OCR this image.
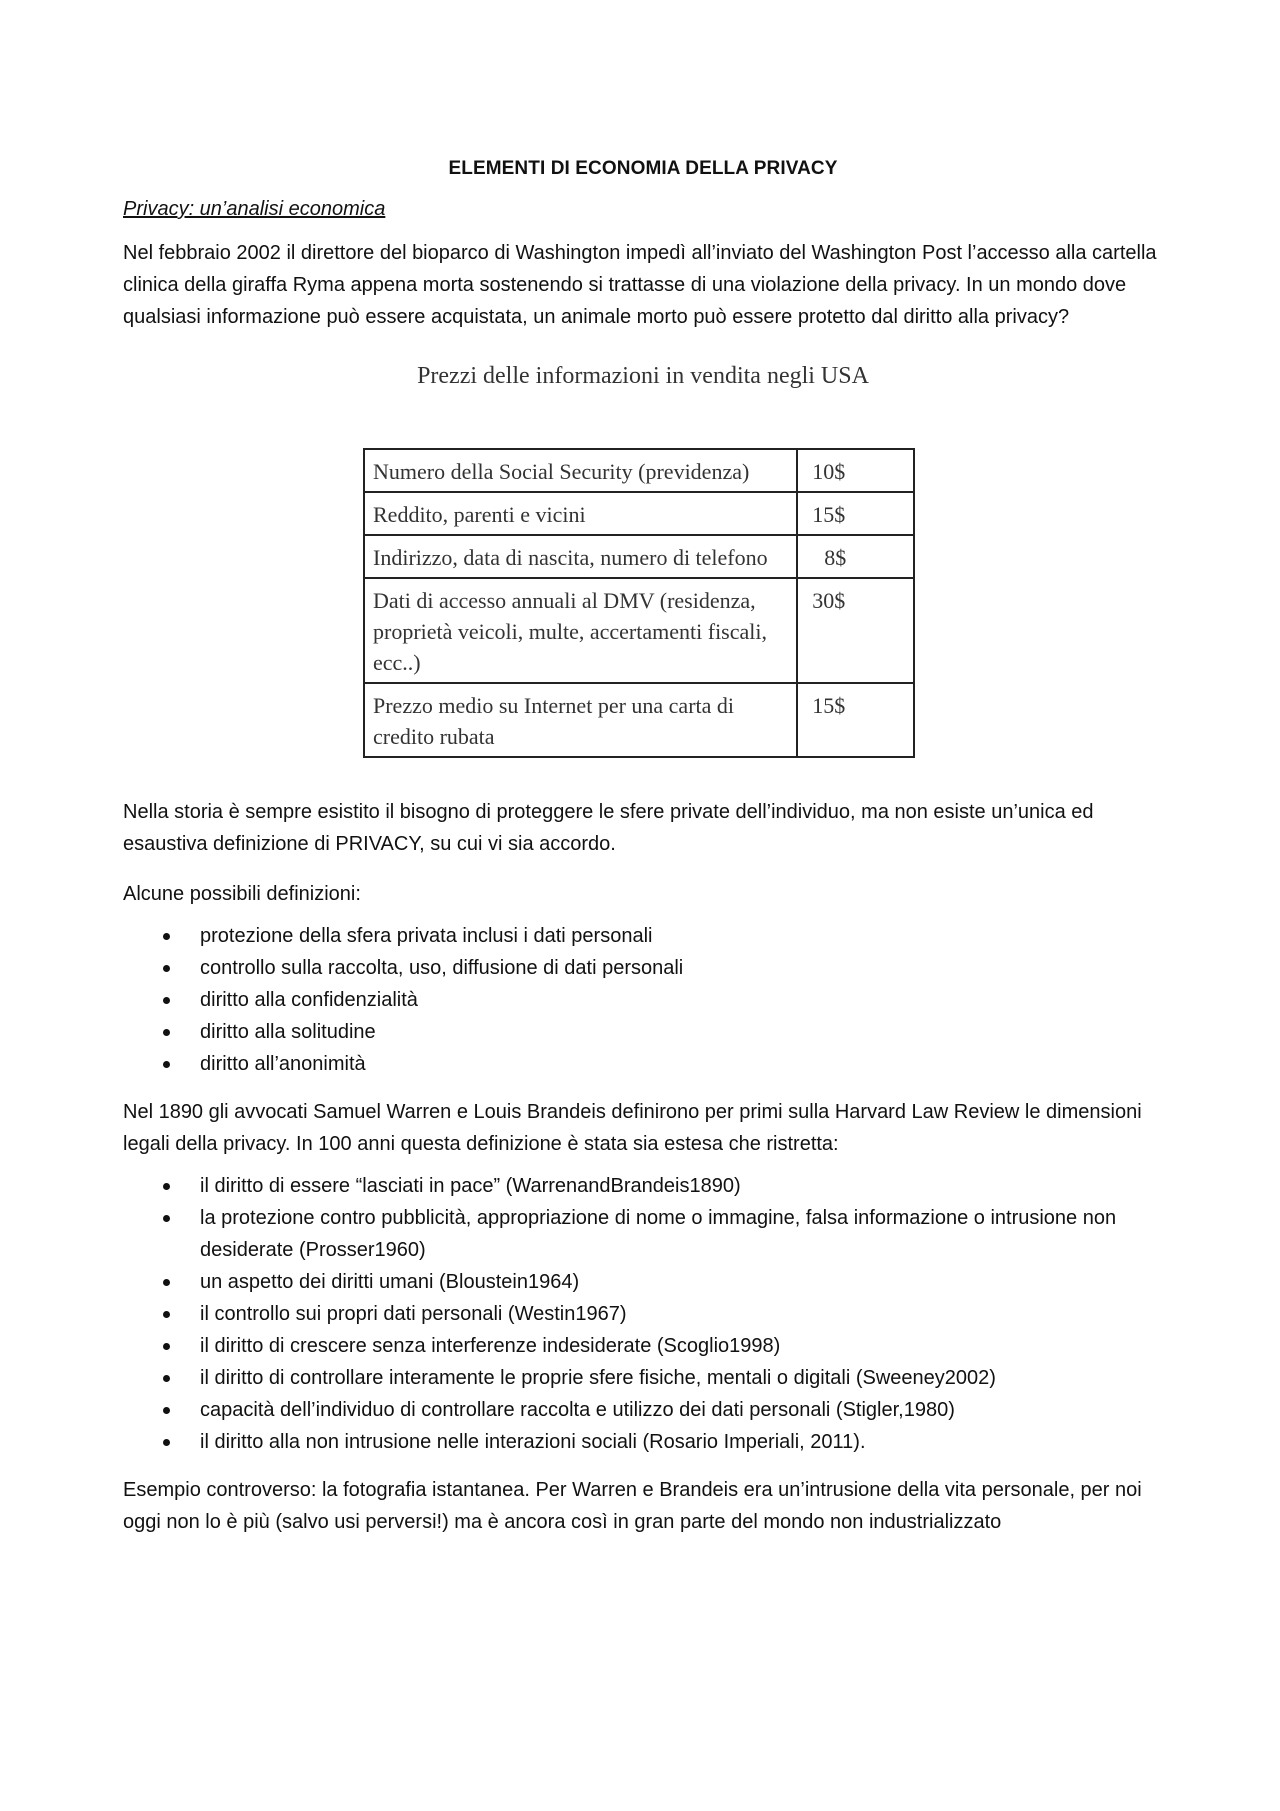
ELEMENTI DI ECONOMIA DELLA PRIVACY
Privacy: un’analisi economica

Nel febbraio 2002 il direttore del bioparco di Washington impedì all’inviato del Washington Post l’accesso alla cartella clinica della giraffa Ryma appena morta sostenendo si trattasse di una violazione della privacy. In un mondo dove qualsiasi informazione può essere acquistata, un animale morto può essere protetto dal diritto alla privacy?

Prezzi delle informazioni in vendita negli USA
Numero della Social Security (previdenza)	10$
Reddito, parenti e vicini	15$
Indirizzo, data di nascita, numero di telefono	8$
Dati di accesso annuali al DMV (residenza, proprietà veicoli, multe, accertamenti fiscali, ecc..)	30$
Prezzo medio su Internet per una carta di credito rubata	15$

Nella storia è sempre esistito il bisogno di proteggere le sfere private dell’individuo, ma non esiste un’unica ed esaustiva definizione di PRIVACY, su cui vi sia accordo.

Alcune possibili definizioni:

protezione della sfera privata inclusi i dati personali
controllo sulla raccolta, uso, diffusione di dati personali
diritto alla confidenzialità
diritto alla solitudine
diritto all’anonimità

Nel 1890 gli avvocati Samuel Warren e Louis Brandeis definirono per primi sulla Harvard Law Review le dimensioni legali della privacy. In 100 anni questa definizione è stata sia estesa che ristretta:

il diritto di essere “lasciati in pace” (WarrenandBrandeis1890)
la protezione contro pubblicità, appropriazione di nome o immagine, falsa informazione o intrusione non desiderate (Prosser1960)
un aspetto dei diritti umani (Bloustein1964)
il controllo sui propri dati personali (Westin1967)
il diritto di crescere senza interferenze indesiderate (Scoglio1998)
il diritto di controllare interamente le proprie sfere fisiche, mentali o digitali (Sweeney2002)
capacità dell’individuo di controllare raccolta e utilizzo dei dati personali (Stigler,1980)
il diritto alla non intrusione nelle interazioni sociali (Rosario Imperiali, 2011).

Esempio controverso: la fotografia istantanea. Per Warren e Brandeis era un’intrusione della vita personale, per noi oggi non lo è più (salvo usi perversi!) ma è ancora così in gran parte del mondo non industrializzato
